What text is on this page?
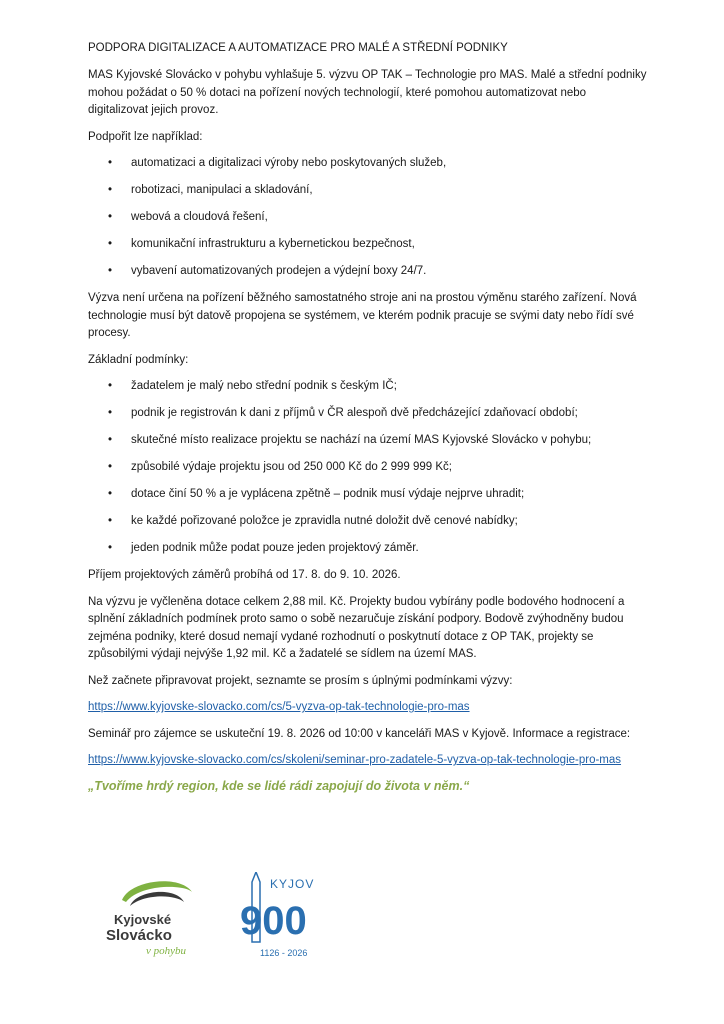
PODPORA DIGITALIZACE A AUTOMATIZACE PRO MALÉ A STŘEDNÍ PODNIKY

MAS Kyjovské Slovácko v pohybu vyhlašuje 5. výzvu OP TAK – Technologie pro MAS. Malé a střední podniky mohou požádat o 50 % dotaci na pořízení nových technologií, které pomohou automatizovat nebo digitalizovat jejich provoz.

Podpořit lze například:

• automatizaci a digitalizaci výroby nebo poskytovaných služeb,
• robotizaci, manipulaci a skladování,
• webová a cloudová řešení,
• komunikační infrastrukturu a kybernetickou bezpečnost,
• vybavení automatizovaných prodejen a výdejní boxy 24/7.

Výzva není určena na pořízení běžného samostatného stroje ani na prostou výměnu starého zařízení. Nová technologie musí být datově propojena se systémem, ve kterém podnik pracuje se svými daty nebo řídí své procesy.

Základní podmínky:

• žadatelem je malý nebo střední podnik s českým IČ;
• podnik je registrován k dani z příjmů v ČR alespoň dvě předcházející zdaňovací období;
• skutečné místo realizace projektu se nachází na území MAS Kyjovské Slovácko v pohybu;
• způsobilé výdaje projektu jsou od 250 000 Kč do 2 999 999 Kč;
• dotace činí 50 % a je vyplácena zpětně – podnik musí výdaje nejprve uhradit;
• ke každé pořizované položce je zpravidla nutné doložit dvě cenové nabídky;
• jeden podnik může podat pouze jeden projektový záměr.

Příjem projektových záměrů probíhá od 17. 8. do 9. 10. 2026.

Na výzvu je vyčleněna dotace celkem 2,88 mil. Kč. Projekty budou vybírány podle bodového hodnocení a splnění základních podmínek proto samo o sobě nezaručuje získání podpory. Bodově zvýhodněny budou zejména podniky, které dosud nemají vydané rozhodnutí o poskytnutí dotace z OP TAK, projekty se způsobilými výdaji nejvýše 1,92 mil. Kč a žadatelé se sídlem na území MAS.

Než začnete připravovat projekt, seznamte se prosím s úplnými podmínkami výzvy:

https://www.kyjovske-slovacko.com/cs/5-vyzva-op-tak-technologie-pro-mas

Seminář pro zájemce se uskuteční 19. 8. 2026 od 10:00 v kanceláři MAS v Kyjově. Informace a registrace:

https://www.kyjovske-slovacko.com/cs/skoleni/seminar-pro-zadatele-5-vyzva-op-tak-technologie-pro-mas

„Tvoříme hrdý region, kde se lidé rádi zapojují do života v něm.“
Kyjovské
Slovácko
v pohybu
KYJOV
900
1126 - 2026
